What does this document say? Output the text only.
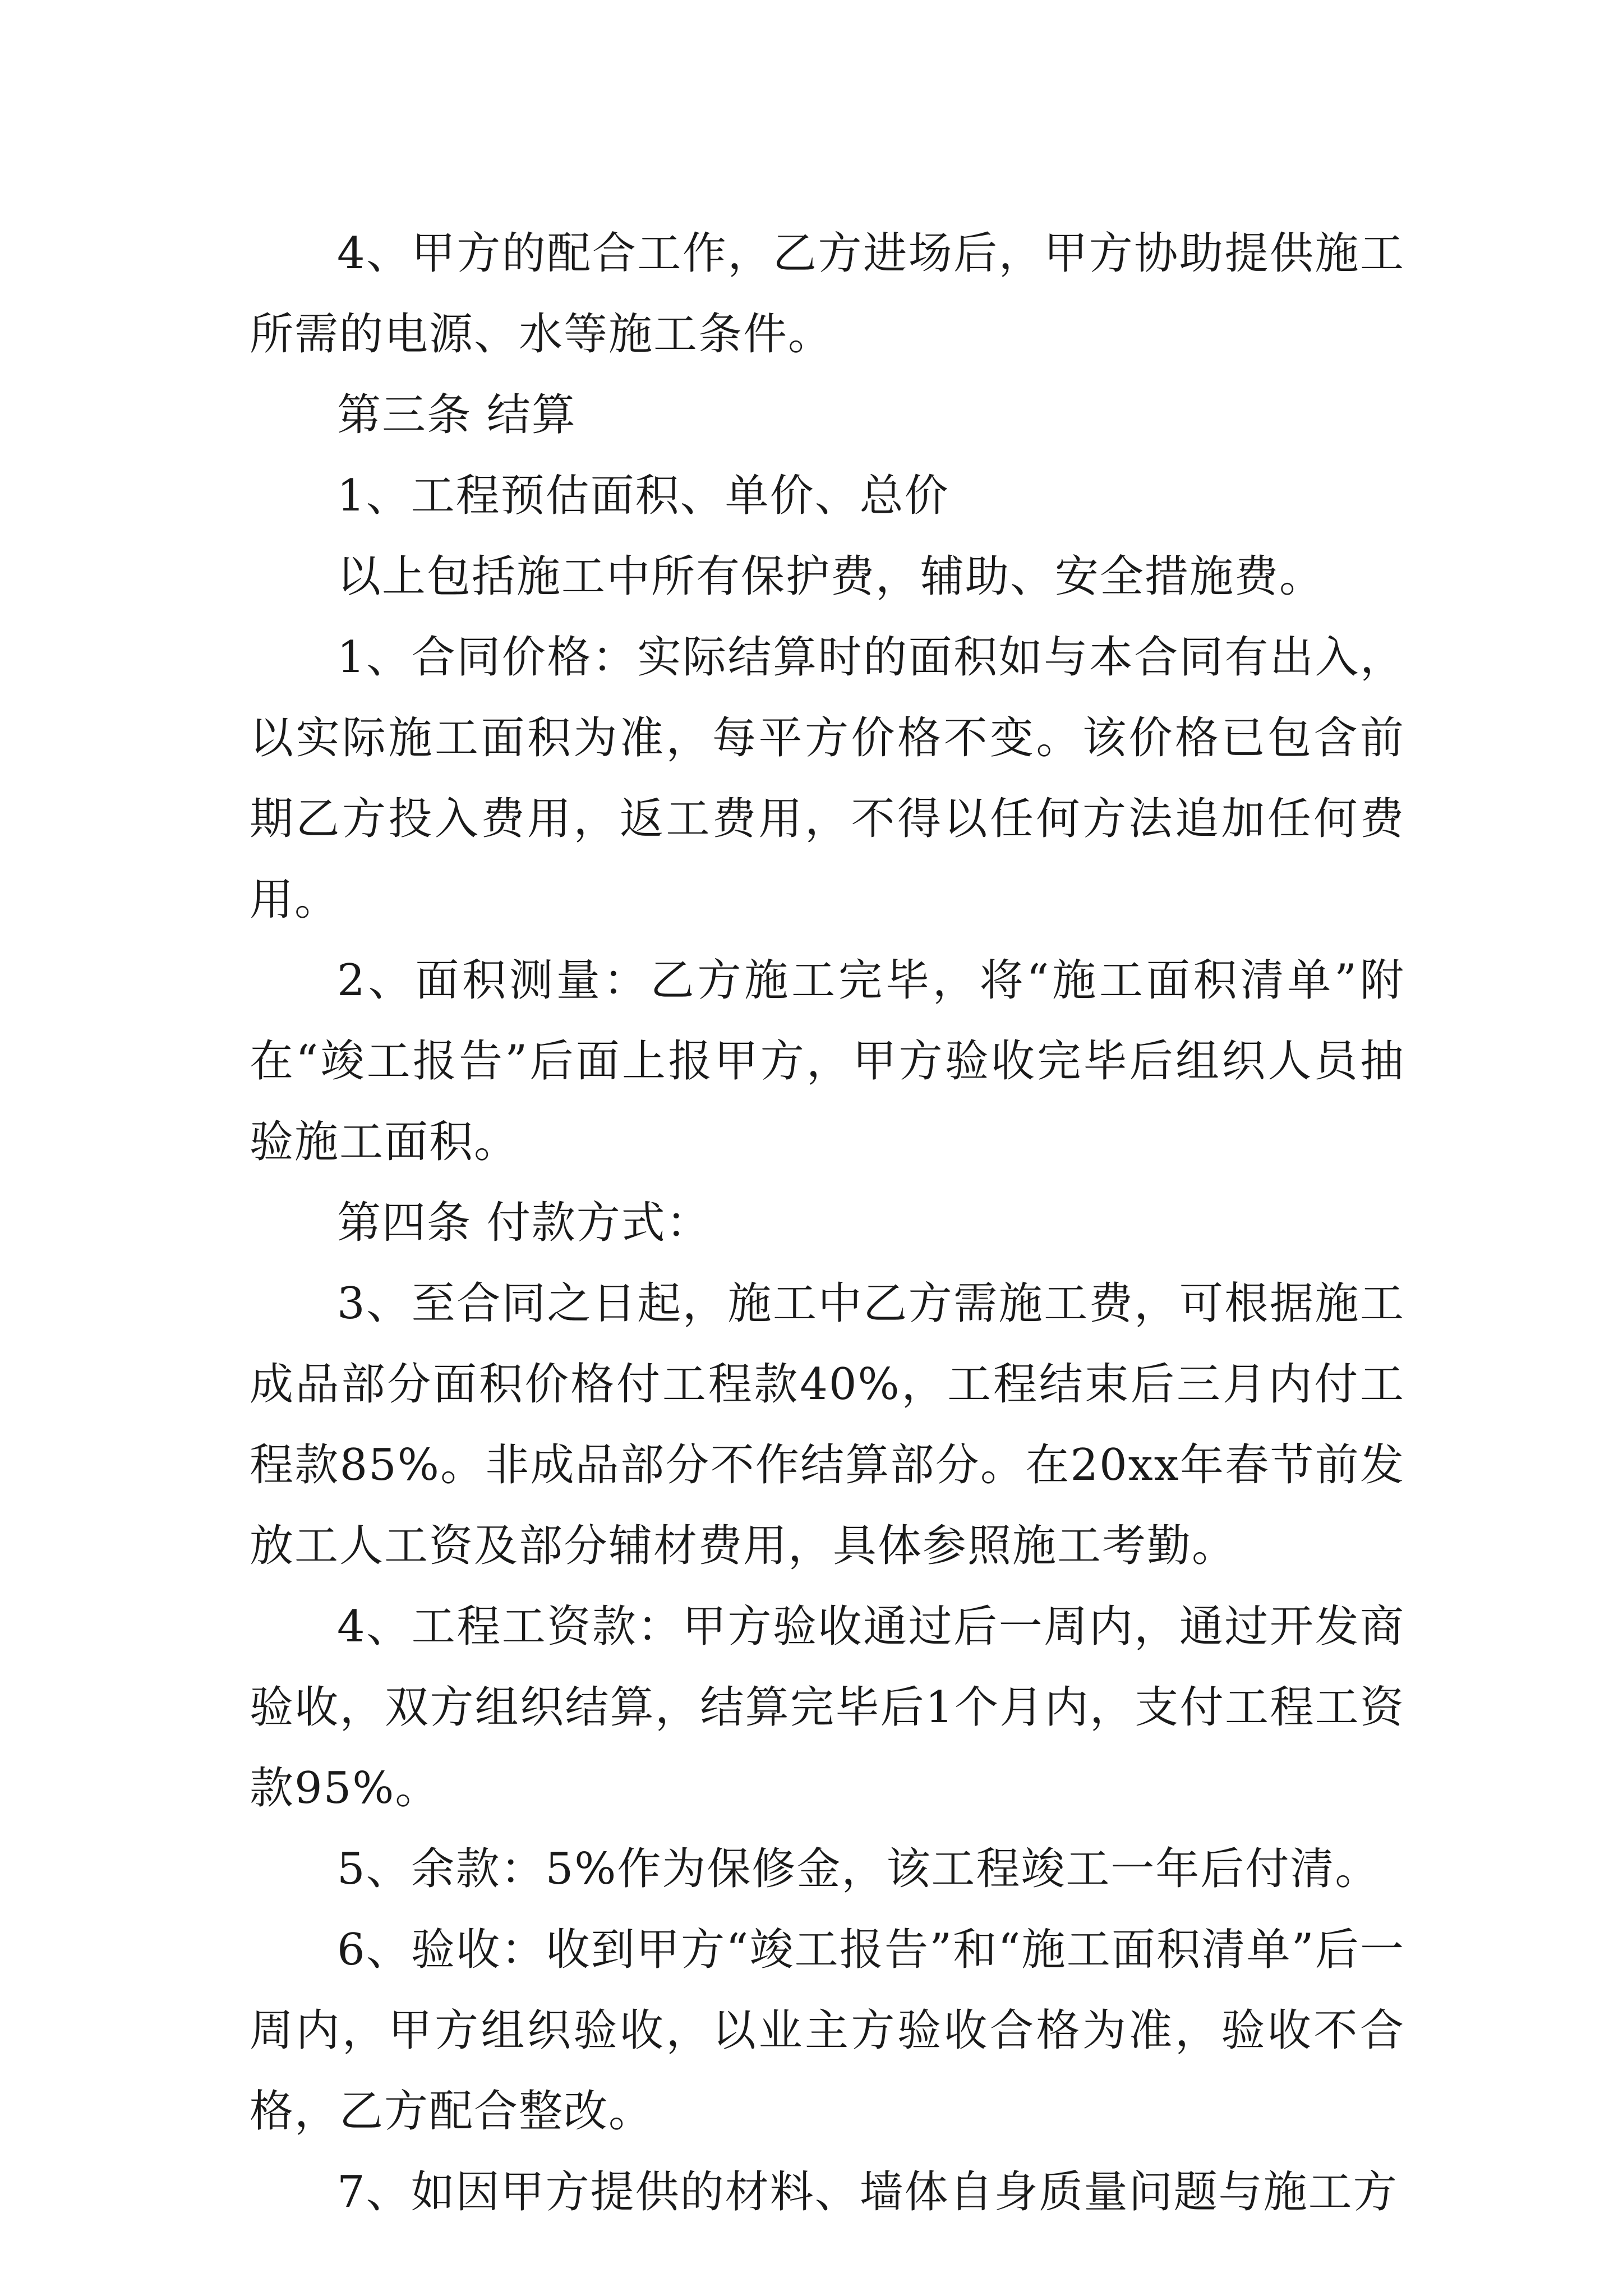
4、甲方的配合工作，乙方进场后，甲方协助提供施工所需的电源、水等施工条件。

第三条 结算

1、工程预估面积、单价、总价

以上包括施工中所有保护费，辅助、安全措施费。

1、合同价格：实际结算时的面积如与本合同有出入，以实际施工面积为准，每平方价格不变。该价格已包含前期乙方投入费用，返工费用，不得以任何方法追加任何费用。

2、面积测量：乙方施工完毕，将“施工面积清单”附在“竣工报告”后面上报甲方，甲方验收完毕后组织人员抽验施工面积。

第四条 付款方式：

3、至合同之日起，施工中乙方需施工费，可根据施工成品部分面积价格付工程款40%，工程结束后三月内付工程款85%。非成品部分不作结算部分。在20xx年春节前发放工人工资及部分辅材费用，具体参照施工考勤。

4、工程工资款：甲方验收通过后一周内，通过开发商验收，双方组织结算，结算完毕后1个月内，支付工程工资款95%。

5、余款：5%作为保修金，该工程竣工一年后付清。

6、验收：收到甲方“竣工报告”和“施工面积清单”后一周内，甲方组织验收，以业主方验收合格为准，验收不合格，乙方配合整改。

7、如因甲方提供的材料、墙体自身质量问题与施工方
